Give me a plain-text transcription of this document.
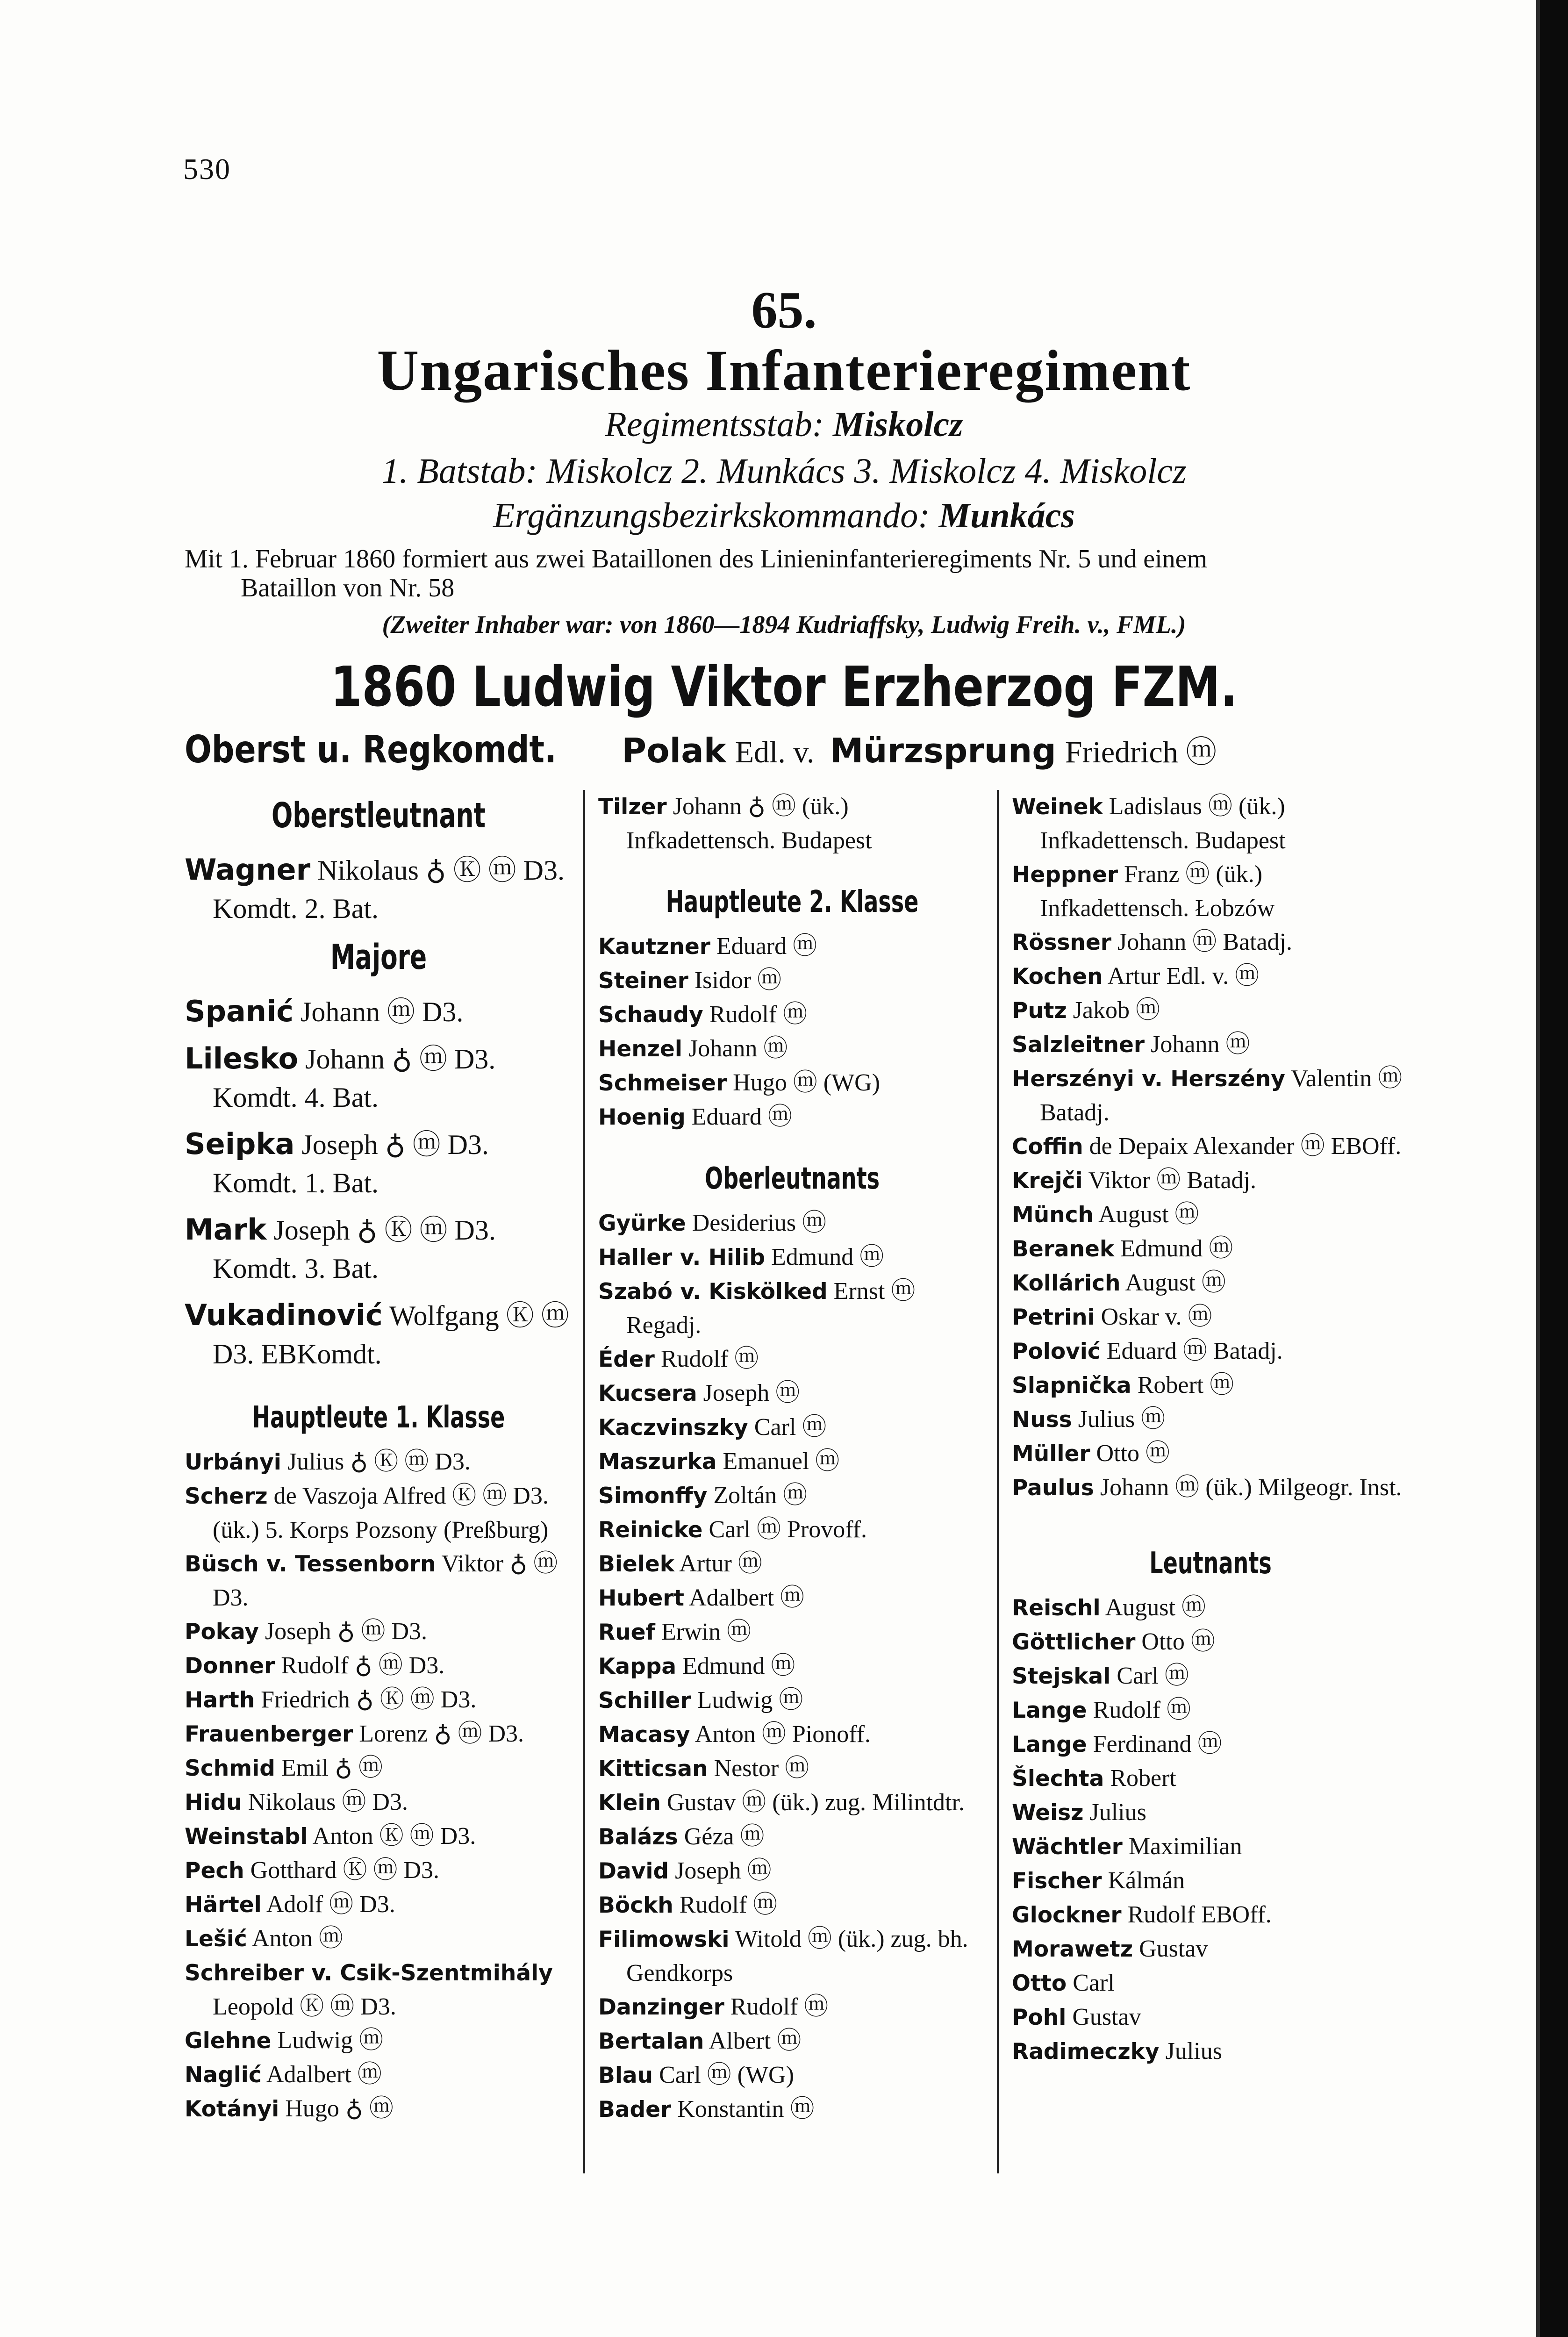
530
65.
Ungarisches Infanterieregiment
Regimentsstab: Miskolcz
1. Batstab: Miskolcz 2. Munkács 3. Miskolcz 4. Miskolcz
Ergänzungsbezirkskommando: Munkács
Mit 1. Februar 1860 formiert aus zwei Bataillonen des Linieninfanterieregiments Nr. 5 und einem
Bataillon von Nr. 58
(Zweiter Inhaber war: von 1860—1894 Kudriaffsky, Ludwig Freih. v., FML.)
1860 Ludwig Viktor Erzherzog FZM.
Oberst u. Regkomdt. Polak Edl. v. Mürzsprung Friedrich ⓜ
Oberstleutnant

Wagner Nikolaus ♁ Ⓚ ⓜ D3. Komdt. 2. Bat.

Majore

Spanić Johann ⓜ D3.

Lilesko Johann ♁ ⓜ D3. Komdt. 4. Bat.

Seipka Joseph ♁ ⓜ D3. Komdt. 1. Bat.

Mark Joseph ♁ Ⓚ ⓜ D3. Komdt. 3. Bat.

Vukadinović Wolfgang Ⓚ ⓜ D3. EBKomdt.

Hauptleute 1. Klasse

Urbányi Julius ♁ Ⓚ ⓜ D3.

Scherz de Vaszoja Alfred Ⓚ ⓜ D3. (ük.) 5. Korps Pozsony (Preßburg)

Büsch v. Tessenborn Viktor ♁ ⓜ D3.

Pokay Joseph ♁ ⓜ D3.

Donner Rudolf ♁ ⓜ D3.

Harth Friedrich ♁ Ⓚ ⓜ D3.

Frauenberger Lorenz ♁ ⓜ D3.

Schmid Emil ♁ ⓜ

Hidu Nikolaus ⓜ D3.

Weinstabl Anton Ⓚ ⓜ D3.

Pech Gotthard Ⓚ ⓜ D3.

Härtel Adolf ⓜ D3.

Lešić Anton ⓜ

Schreiber v. Csik-Szentmihály Leopold Ⓚ ⓜ D3.

Glehne Ludwig ⓜ

Naglić Adalbert ⓜ

Kotányi Hugo ♁ ⓜ

Tilzer Johann ♁ ⓜ (ük.) Infkadettensch. Budapest

Hauptleute 2. Klasse

Kautzner Eduard ⓜ

Steiner Isidor ⓜ

Schaudy Rudolf ⓜ

Henzel Johann ⓜ

Schmeiser Hugo ⓜ (WG)

Hoenig Eduard ⓜ

Oberleutnants

Gyürke Desiderius ⓜ

Haller v. Hilib Edmund ⓜ

Szabó v. Kiskölked Ernst ⓜ Regadj.

Éder Rudolf ⓜ

Kucsera Joseph ⓜ

Kaczvinszky Carl ⓜ

Maszurka Emanuel ⓜ

Simonffy Zoltán ⓜ

Reinicke Carl ⓜ Provoff.

Bielek Artur ⓜ

Hubert Adalbert ⓜ

Ruef Erwin ⓜ

Kappa Edmund ⓜ

Schiller Ludwig ⓜ

Macasy Anton ⓜ Pionoff.

Kitticsan Nestor ⓜ

Klein Gustav ⓜ (ük.) zug. Milintdtr.

Balázs Géza ⓜ

David Joseph ⓜ

Böckh Rudolf ⓜ

Filimowski Witold ⓜ (ük.) zug. bh. Gendkorps

Danzinger Rudolf ⓜ

Bertalan Albert ⓜ

Blau Carl ⓜ (WG)

Bader Konstantin ⓜ

Weinek Ladislaus ⓜ (ük.) Infkadettensch. Budapest

Heppner Franz ⓜ (ük.) Infkadettensch. Łobzów

Rössner Johann ⓜ Batadj.

Kochen Artur Edl. v. ⓜ

Putz Jakob ⓜ

Salzleitner Johann ⓜ

Herszényi v. Herszény Valentin ⓜ Batadj.

Coffin de Depaix Alexander ⓜ EBOff.

Krejči Viktor ⓜ Batadj.

Münch August ⓜ

Beranek Edmund ⓜ

Kollárich August ⓜ

Petrini Oskar v. ⓜ

Polović Eduard ⓜ Batadj.

Slapnička Robert ⓜ

Nuss Julius ⓜ

Müller Otto ⓜ

Paulus Johann ⓜ (ük.) Milgeogr. Inst.

Leutnants

Reischl August ⓜ

Göttlicher Otto ⓜ

Stejskal Carl ⓜ

Lange Rudolf ⓜ

Lange Ferdinand ⓜ

Šlechta Robert

Weisz Julius

Wächtler Maximilian

Fischer Kálmán

Glockner Rudolf EBOff.

Morawetz Gustav

Otto Carl

Pohl Gustav

Radimeczky Julius
